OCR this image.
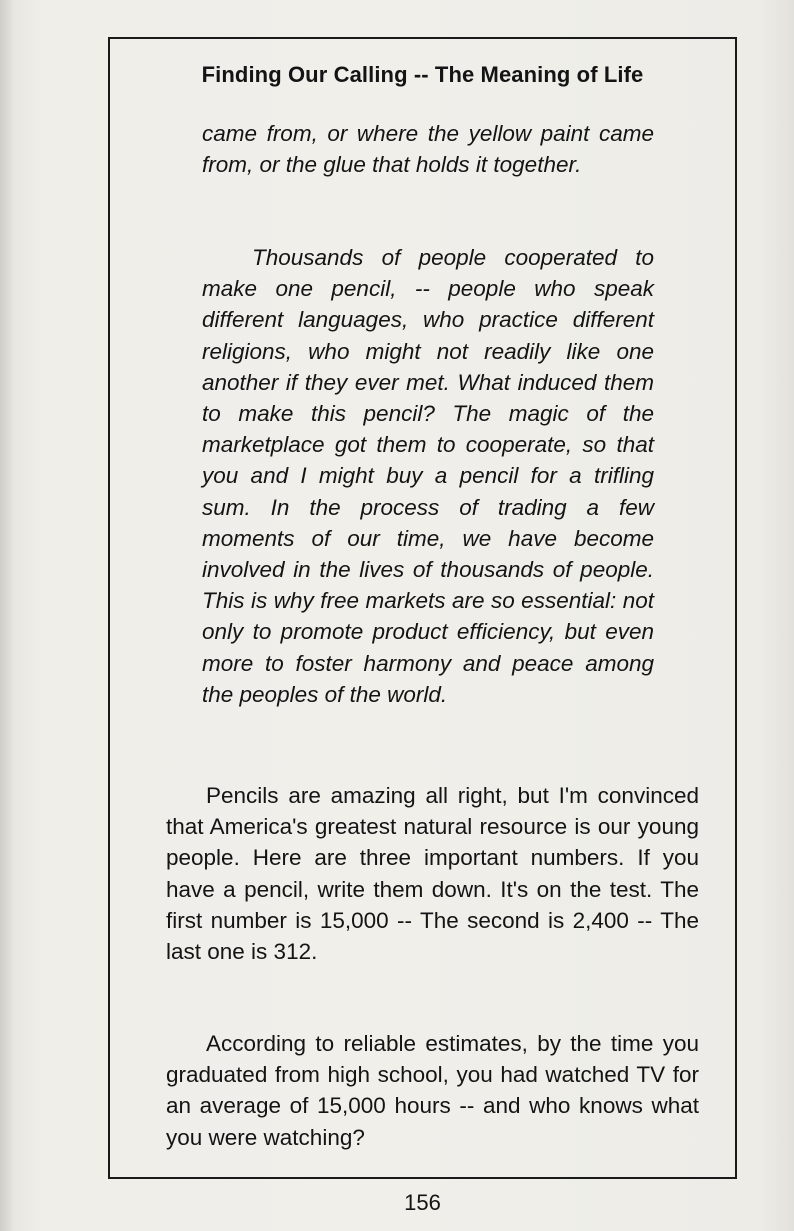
Finding Our Calling -- The Meaning of Life

came from, or where the yellow paint came from, or the glue that holds it together.

Thousands of people cooperated to make one pencil, -- people who speak different languages, who practice different religions, who might not readily like one another if they ever met. What induced them to make this pencil? The magic of the marketplace got them to cooperate, so that you and I might buy a pencil for a trifling sum. In the process of trading a few moments of our time, we have become involved in the lives of thousands of people. This is why free markets are so essential: not only to promote product efficiency, but even more to foster harmony and peace among the peoples of the world.

Pencils are amazing all right, but I'm convinced that America's greatest natural resource is our young people. Here are three important numbers. If you have a pencil, write them down. It's on the test. The first number is 15,000 -- The second is 2,400 -- The last one is 312.

According to reliable estimates, by the time you graduated from high school, you had watched TV for an average of 15,000 hours -- and who knows what you were watching?

156
